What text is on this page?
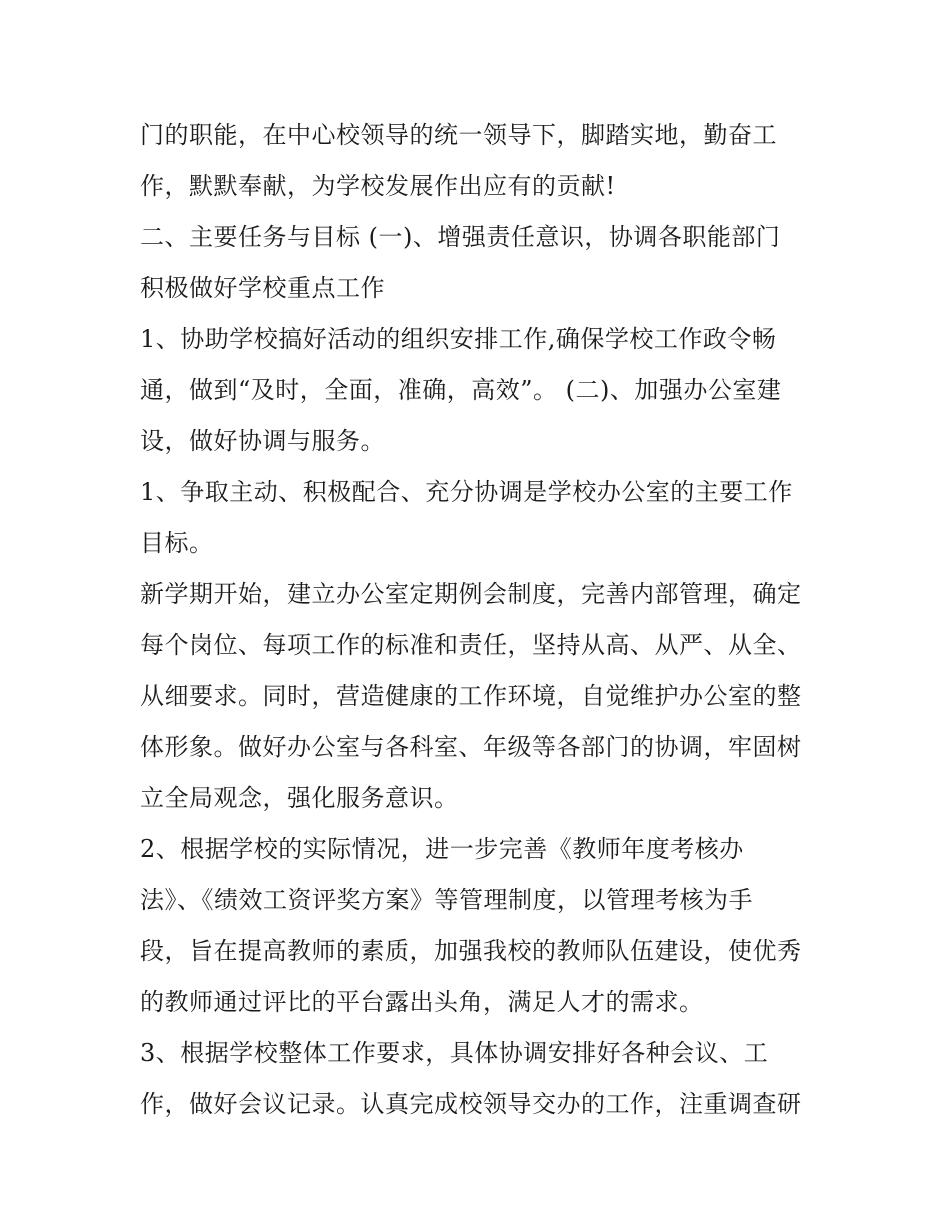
门的职能，在中心校领导的统一领导下，脚踏实地，勤奋工
作，默默奉献，为学校发展作出应有的贡献!
二、主要任务与目标 (一)、增强责任意识，协调各职能部门
积极做好学校重点工作
1、协助学校搞好活动的组织安排工作,确保学校工作政令畅
通，做到“及时，全面，准确，高效”。 (二)、加强办公室建
设，做好协调与服务。
1、争取主动、积极配合、充分协调是学校办公室的主要工作
目标。
新学期开始，建立办公室定期例会制度，完善内部管理，确定
每个岗位、每项工作的标准和责任，坚持从高、从严、从全、
从细要求。同时，营造健康的工作环境，自觉维护办公室的整
体形象。做好办公室与各科室、年级等各部门的协调，牢固树
立全局观念，强化服务意识。
2、根据学校的实际情况，进一步完善《教师年度考核办
法》、《绩效工资评奖方案》等管理制度，以管理考核为手
段，旨在提高教师的素质，加强我校的教师队伍建设，使优秀
的教师通过评比的平台露出头角，满足人才的需求。
3、根据学校整体工作要求，具体协调安排好各种会议、工
作，做好会议记录。认真完成校领导交办的工作，注重调查研
